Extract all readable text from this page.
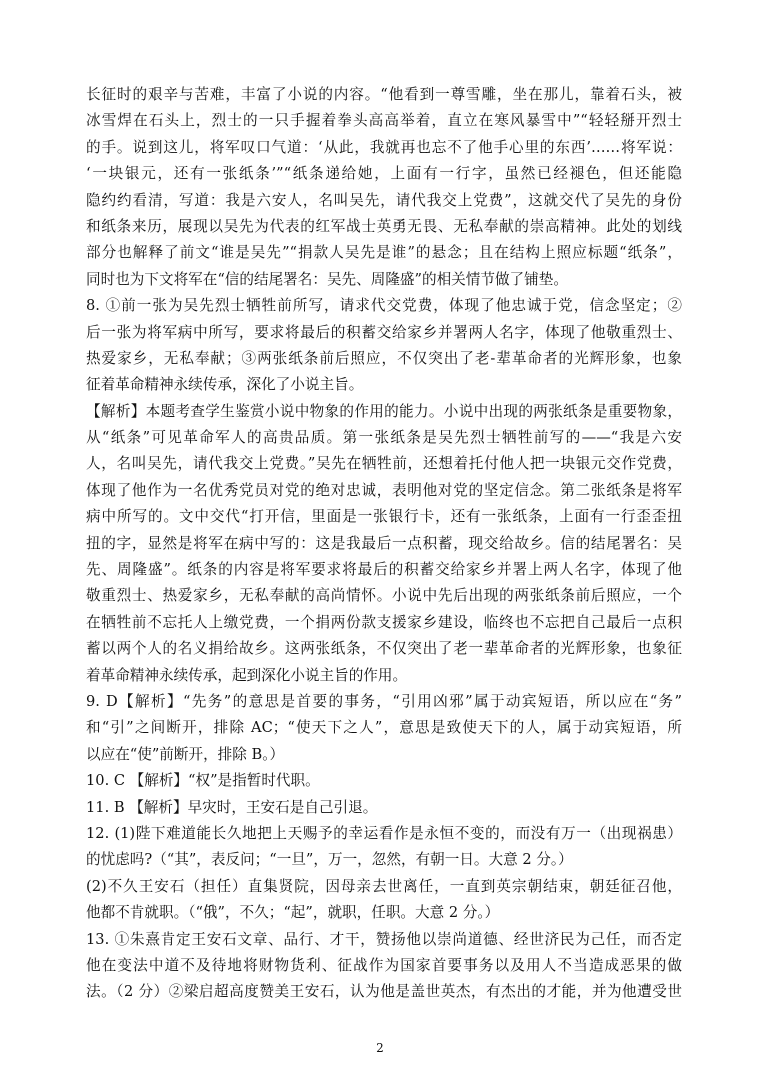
长征时的艰辛与苦难，丰富了小说的内容。“他看到一尊雪雕，坐在那儿，靠着石头，被
冰雪焊在石头上，烈士的一只手握着拳头高高举着，直立在寒风暴雪中”“轻轻掰开烈士
的手。说到这儿，将军叹口气道：‘从此，我就再也忘不了他手心里的东西’……将军说：
‘一块银元，还有一张纸条’”“纸条递给她，上面有一行字，虽然已经褪色，但还能隐
隐约约看清，写道：我是六安人，名叫吴先，请代我交上党费”，这就交代了吴先的身份
和纸条来历，展现以吴先为代表的红军战士英勇无畏、无私奉献的崇高精神。此处的划线
部分也解释了前文“谁是吴先”“捐款人吴先是谁”的悬念；且在结构上照应标题“纸条”，
同时也为下文将军在“信的结尾署名：吴先、周隆盛”的相关情节做了铺垫。
8. ①前一张为吴先烈士牺牲前所写，请求代交党费，体现了他忠诚于党，信念坚定；②
后一张为将军病中所写，要求将最后的积蓄交给家乡并署两人名字，体现了他敬重烈士、
热爱家乡，无私奉献；③两张纸条前后照应，不仅突出了老-辈革命者的光辉形象，也象
征着革命精神永续传承，深化了小说主旨。
【解析】本题考查学生鉴赏小说中物象的作用的能力。小说中出现的两张纸条是重要物象，
从“纸条”可见革命军人的高贵品质。第一张纸条是吴先烈士牺牲前写的——“我是六安
人，名叫吴先，请代我交上党费。”吴先在牺牲前，还想着托付他人把一块银元交作党费，
体现了他作为一名优秀党员对党的绝对忠诚，表明他对党的坚定信念。第二张纸条是将军
病中所写的。文中交代“打开信，里面是一张银行卡，还有一张纸条，上面有一行歪歪扭
扭的字，显然是将军在病中写的：这是我最后一点积蓄，现交给故乡。信的结尾署名：吴
先、周隆盛”。纸条的内容是将军要求将最后的积蓄交给家乡并署上两人名字，体现了他
敬重烈士、热爱家乡，无私奉献的高尚情怀。小说中先后出现的两张纸条前后照应，一个
在牺牲前不忘托人上缴党费，一个捐两份款支援家乡建设，临终也不忘把自己最后一点积
蓄以两个人的名义捐给故乡。这两张纸条，不仅突出了老一辈革命者的光辉形象，也象征
着革命精神永续传承，起到深化小说主旨的作用。
9. D【解析】“先务”的意思是首要的事务，“引用凶邪”属于动宾短语，所以应在“务”
和“引”之间断开，排除 AC；“使天下之人”，意思是致使天下的人，属于动宾短语，所
以应在“使”前断开，排除 B。）
10. C 【解析】“权”是指暂时代职。
11. B 【解析】早灾时，王安石是自己引退。
12. (1)陛下难道能长久地把上天赐予的幸运看作是永恒不变的，而没有万一（出现祸患）
的忧虑吗?（“其”，表反问；“一旦”，万一，忽然，有朝一日。大意 2 分。）
(2)不久王安石（担任）直集贤院，因母亲去世离任，一直到英宗朝结束，朝廷征召他，
他都不肯就职。（“俄”，不久；“起”，就职，任职。大意 2 分。）
13. ①朱熹肯定王安石文章、品行、才干，赞扬他以崇尚道德、经世济民为己任，而否定
他在变法中道不及待地将财物货利、征战作为国家首要事务以及用人不当造成恶果的做
法。（2 分）②梁启超高度赞美王安石，认为他是盖世英杰，有杰出的才能，并为他遭受世
2
